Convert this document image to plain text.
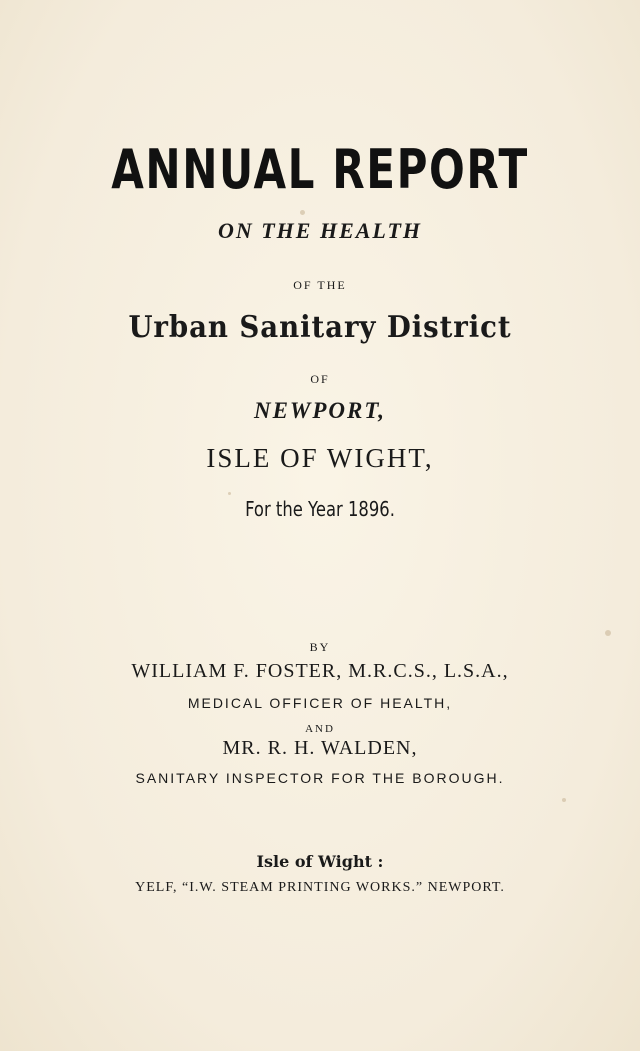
ANNUAL REPORT
ON THE HEALTH
OF THE
Urban Sanitary District
OF
NEWPORT,
ISLE OF WIGHT,
For the Year 1896.
BY
WILLIAM F. FOSTER, M.R.C.S., L.S.A.,
MEDICAL OFFICER OF HEALTH,
AND
MR. R. H. WALDEN,
SANITARY INSPECTOR FOR THE BOROUGH.
Isle of Wight :
YELF, “I.W. STEAM PRINTING WORKS.” NEWPORT.
